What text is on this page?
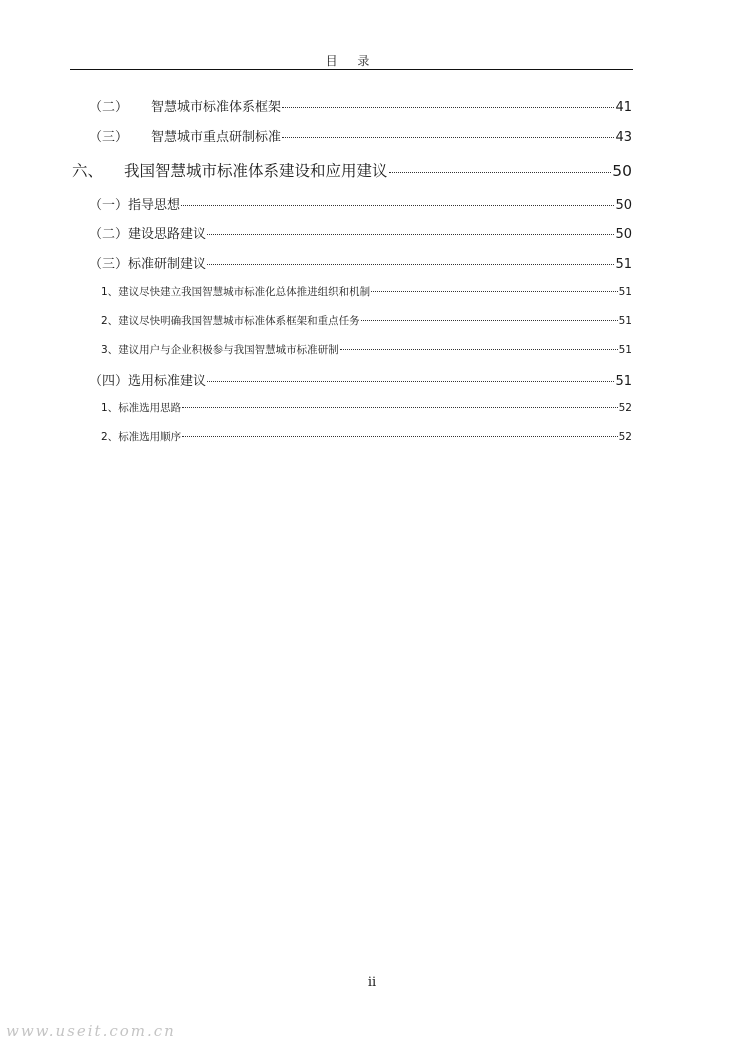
目 录
（二）	智慧城市标准体系框架	41
（三）	智慧城市重点研制标准	43
六、	我国智慧城市标准体系建设和应用建议	50
（一） 指导思想	50
（二） 建设思路建议	50
（三） 标准研制建议	51
1、 建议尽快建立我国智慧城市标准化总体推进组织和机制	51
2、 建议尽快明确我国智慧城市标准体系框架和重点任务	51
3、 建议用户与企业积极参与我国智慧城市标准研制	51
（四） 选用标准建议	51
1、 标准选用思路	52
2、 标准选用顺序	52
ii
www.useit.com.cn
